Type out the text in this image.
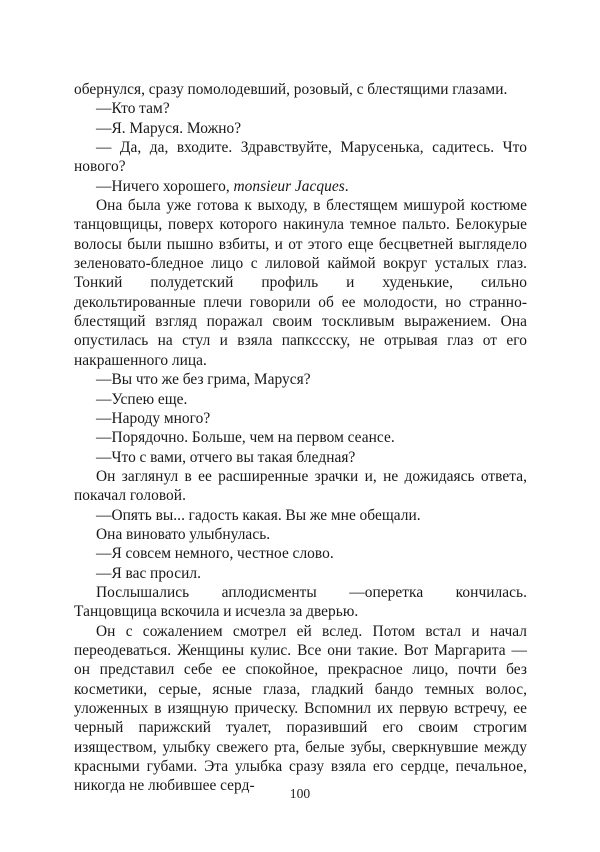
обернулся, сразу помолодевший, розовый, с блестящими глазами.

—Кто там?

—Я. Маруся. Можно?

— Да, да, входите. Здравствуйте, Марусенька, садитесь. Что нового?

—Ничего хорошего, monsieur Jacques.

Она была уже готова к выходу, в блестящем мишурой костюме танцовщицы, поверх которого накинула темное пальто. Белокурые волосы были пышно взбиты, и от этого еще бесцветней выглядело зеленовато-бледное лицо с лиловой каймой вокруг усталых глаз. Тонкий полудетский профиль и худенькие, сильно декольтированные плечи говорили об ее молодости, но странно-блестящий взгляд поражал своим тоскливым выражением. Она опустилась на стул и взяла папкссску, не отрывая глаз от его накрашенного лица.

—Вы что же без грима, Маруся?

—Успею еще.

—Народу много?

—Порядочно. Больше, чем на первом сеансе.

—Что с вами, отчего вы такая бледная?

Он заглянул в ее расширенные зрачки и, не дожидаясь ответа, покачал головой.

—Опять вы... гадость какая. Вы же мне обещали.

Она виновато улыбнулась.

—Я совсем немного, честное слово.

—Я вас просил.

Послышались аплодисменты —оперетка кончилась. Танцовщица вскочила и исчезла за дверью.

Он с сожалением смотрел ей вслед. Потом встал и начал переодеваться. Женщины кулис. Все они такие. Вот Маргарита — он представил себе ее спокойное, прекрасное лицо, почти без косметики, серые, ясные глаза, гладкий бандо темных волос, уложенных в изящную прическу. Вспомнил их первую встречу, ее черный парижский туалет, поразивший его своим строгим изяществом, улыбку свежего рта, белые зубы, сверкнувшие между красными губами. Эта улыбка сразу взяла его сердце, печальное, никогда не любившее серд-	100
